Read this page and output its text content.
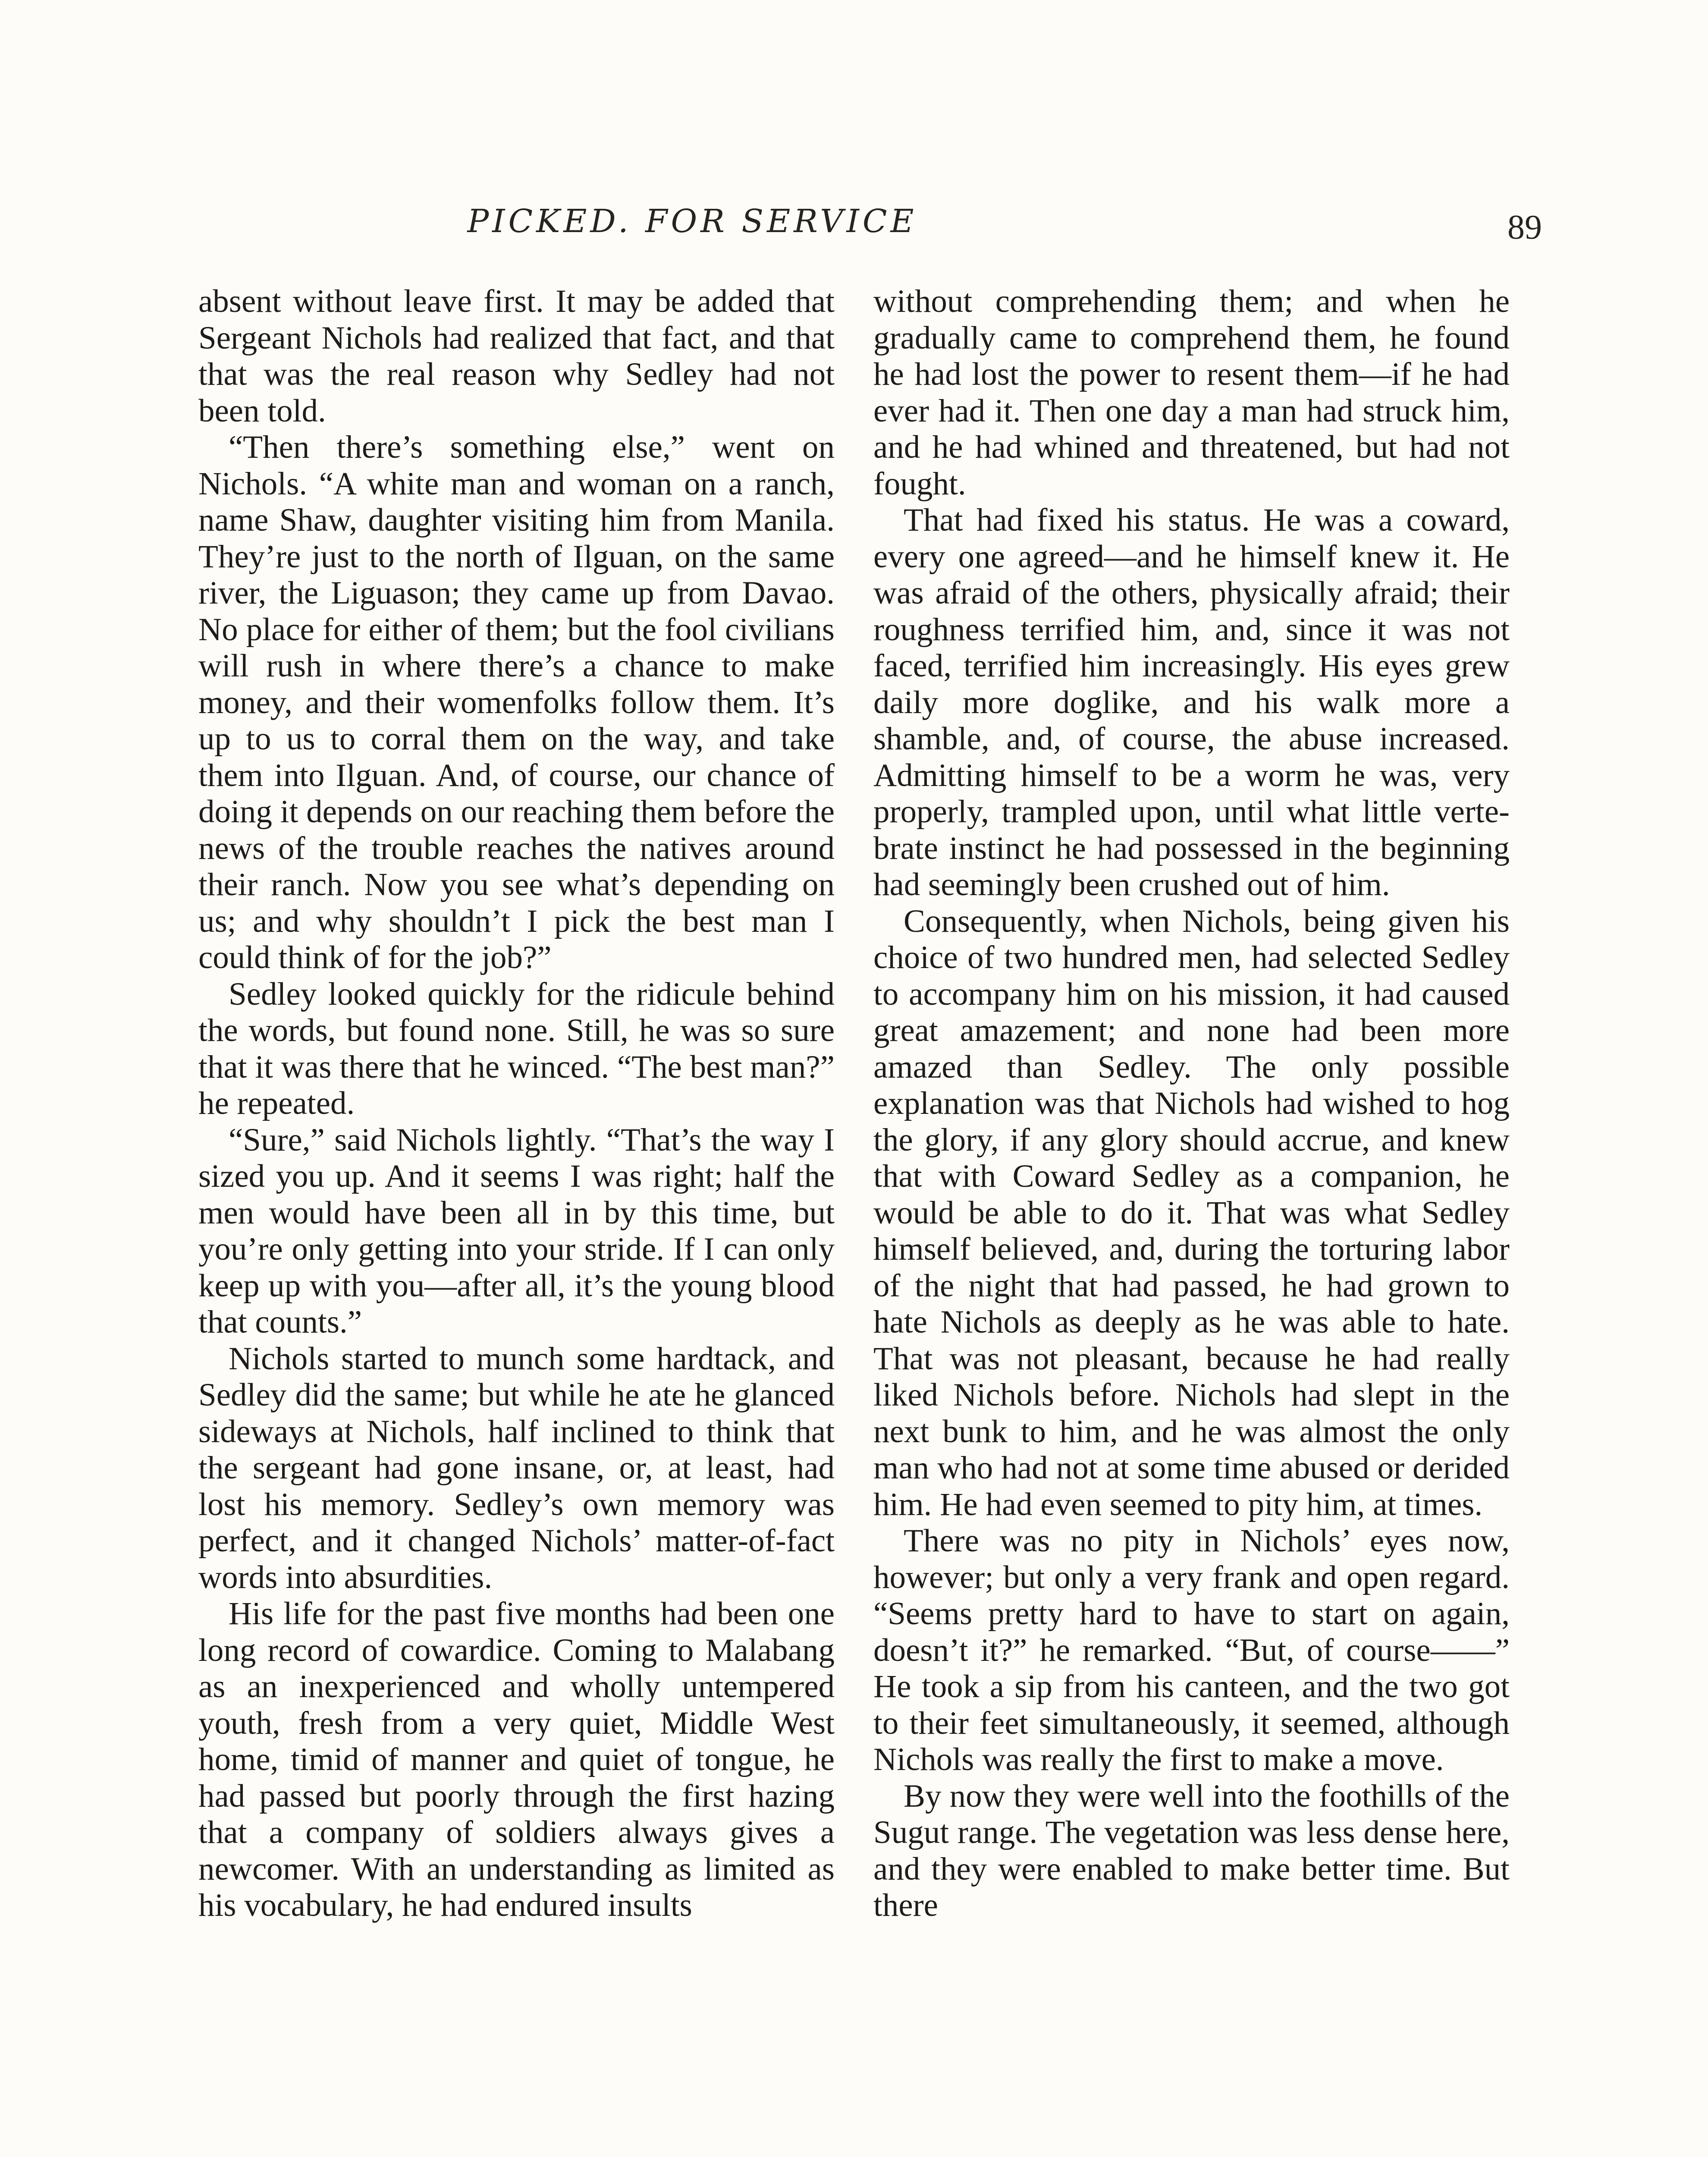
PICKED. FOR SERVICE	89

absent without leave first. It may be added that Sergeant Nichols had realized that fact, and that that was the real reason why Sedley had not been told.

“Then there’s something else,” went on Nichols. “A white man and woman on a ranch, name Shaw, daughter visiting him from Manila. They’re just to the north of Ilguan, on the same river, the Liguason; they came up from Davao. No place for either of them; but the fool civilians will rush in where there’s a chance to make money, and their womenfolks follow them. It’s up to us to corral them on the way, and take them into Ilguan. And, of course, our chance of doing it depends on our reaching them before the news of the trouble reaches the natives around their ranch. Now you see what’s depending on us; and why shouldn’t I pick the best man I could think of for the job?”

Sedley looked quickly for the ridicule behind the words, but found none. Still, he was so sure that it was there that he winced. “The best man?” he repeated.

“Sure,” said Nichols lightly. “That’s the way I sized you up. And it seems I was right; half the men would have been all in by this time, but you’re only getting into your stride. If I can only keep up with you—after all, it’s the young blood that counts.”

Nichols started to munch some hardtack, and Sedley did the same; but while he ate he glanced sideways at Nichols, half inclined to think that the sergeant had gone insane, or, at least, had lost his memory. Sedley’s own memory was perfect, and it changed Nichols’ matter-of-fact words into absurdities.

His life for the past five months had been one long record of cowardice. Coming to Malabang as an inexperienced and wholly untempered youth, fresh from a very quiet, Middle West home, timid of manner and quiet of tongue, he had passed but poorly through the first hazing that a company of soldiers always gives a newcomer. With an understanding as limited as his vocabulary, he had endured insults

without comprehending them; and when he gradually came to comprehend them, he found he had lost the power to resent them—if he had ever had it. Then one day a man had struck him, and he had whined and threatened, but had not fought.

That had fixed his status. He was a coward, every one agreed—and he himself knew it. He was afraid of the others, physically afraid; their roughness terrified him, and, since it was not faced, terrified him increasingly. His eyes grew daily more doglike, and his walk more a shamble, and, of course, the abuse increased. Admitting himself to be a worm he was, very properly, trampled upon, until what little vertebrate instinct he had possessed in the beginning had seemingly been crushed out of him.

Consequently, when Nichols, being given his choice of two hundred men, had selected Sedley to accompany him on his mission, it had caused great amazement; and none had been more amazed than Sedley. The only possible explanation was that Nichols had wished to hog the glory, if any glory should accrue, and knew that with Coward Sedley as a companion, he would be able to do it. That was what Sedley himself believed, and, during the torturing labor of the night that had passed, he had grown to hate Nichols as deeply as he was able to hate. That was not pleasant, because he had really liked Nichols before. Nichols had slept in the next bunk to him, and he was almost the only man who had not at some time abused or derided him. He had even seemed to pity him, at times.

There was no pity in Nichols’ eyes now, however; but only a very frank and open regard. “Seems pretty hard to have to start on again, doesn’t it?” he remarked. “But, of course——” He took a sip from his canteen, and the two got to their feet simultaneously, it seemed, although Nichols was really the first to make a move.

By now they were well into the foothills of the Sugut range. The vegetation was less dense here, and they were enabled to make better time. But there
